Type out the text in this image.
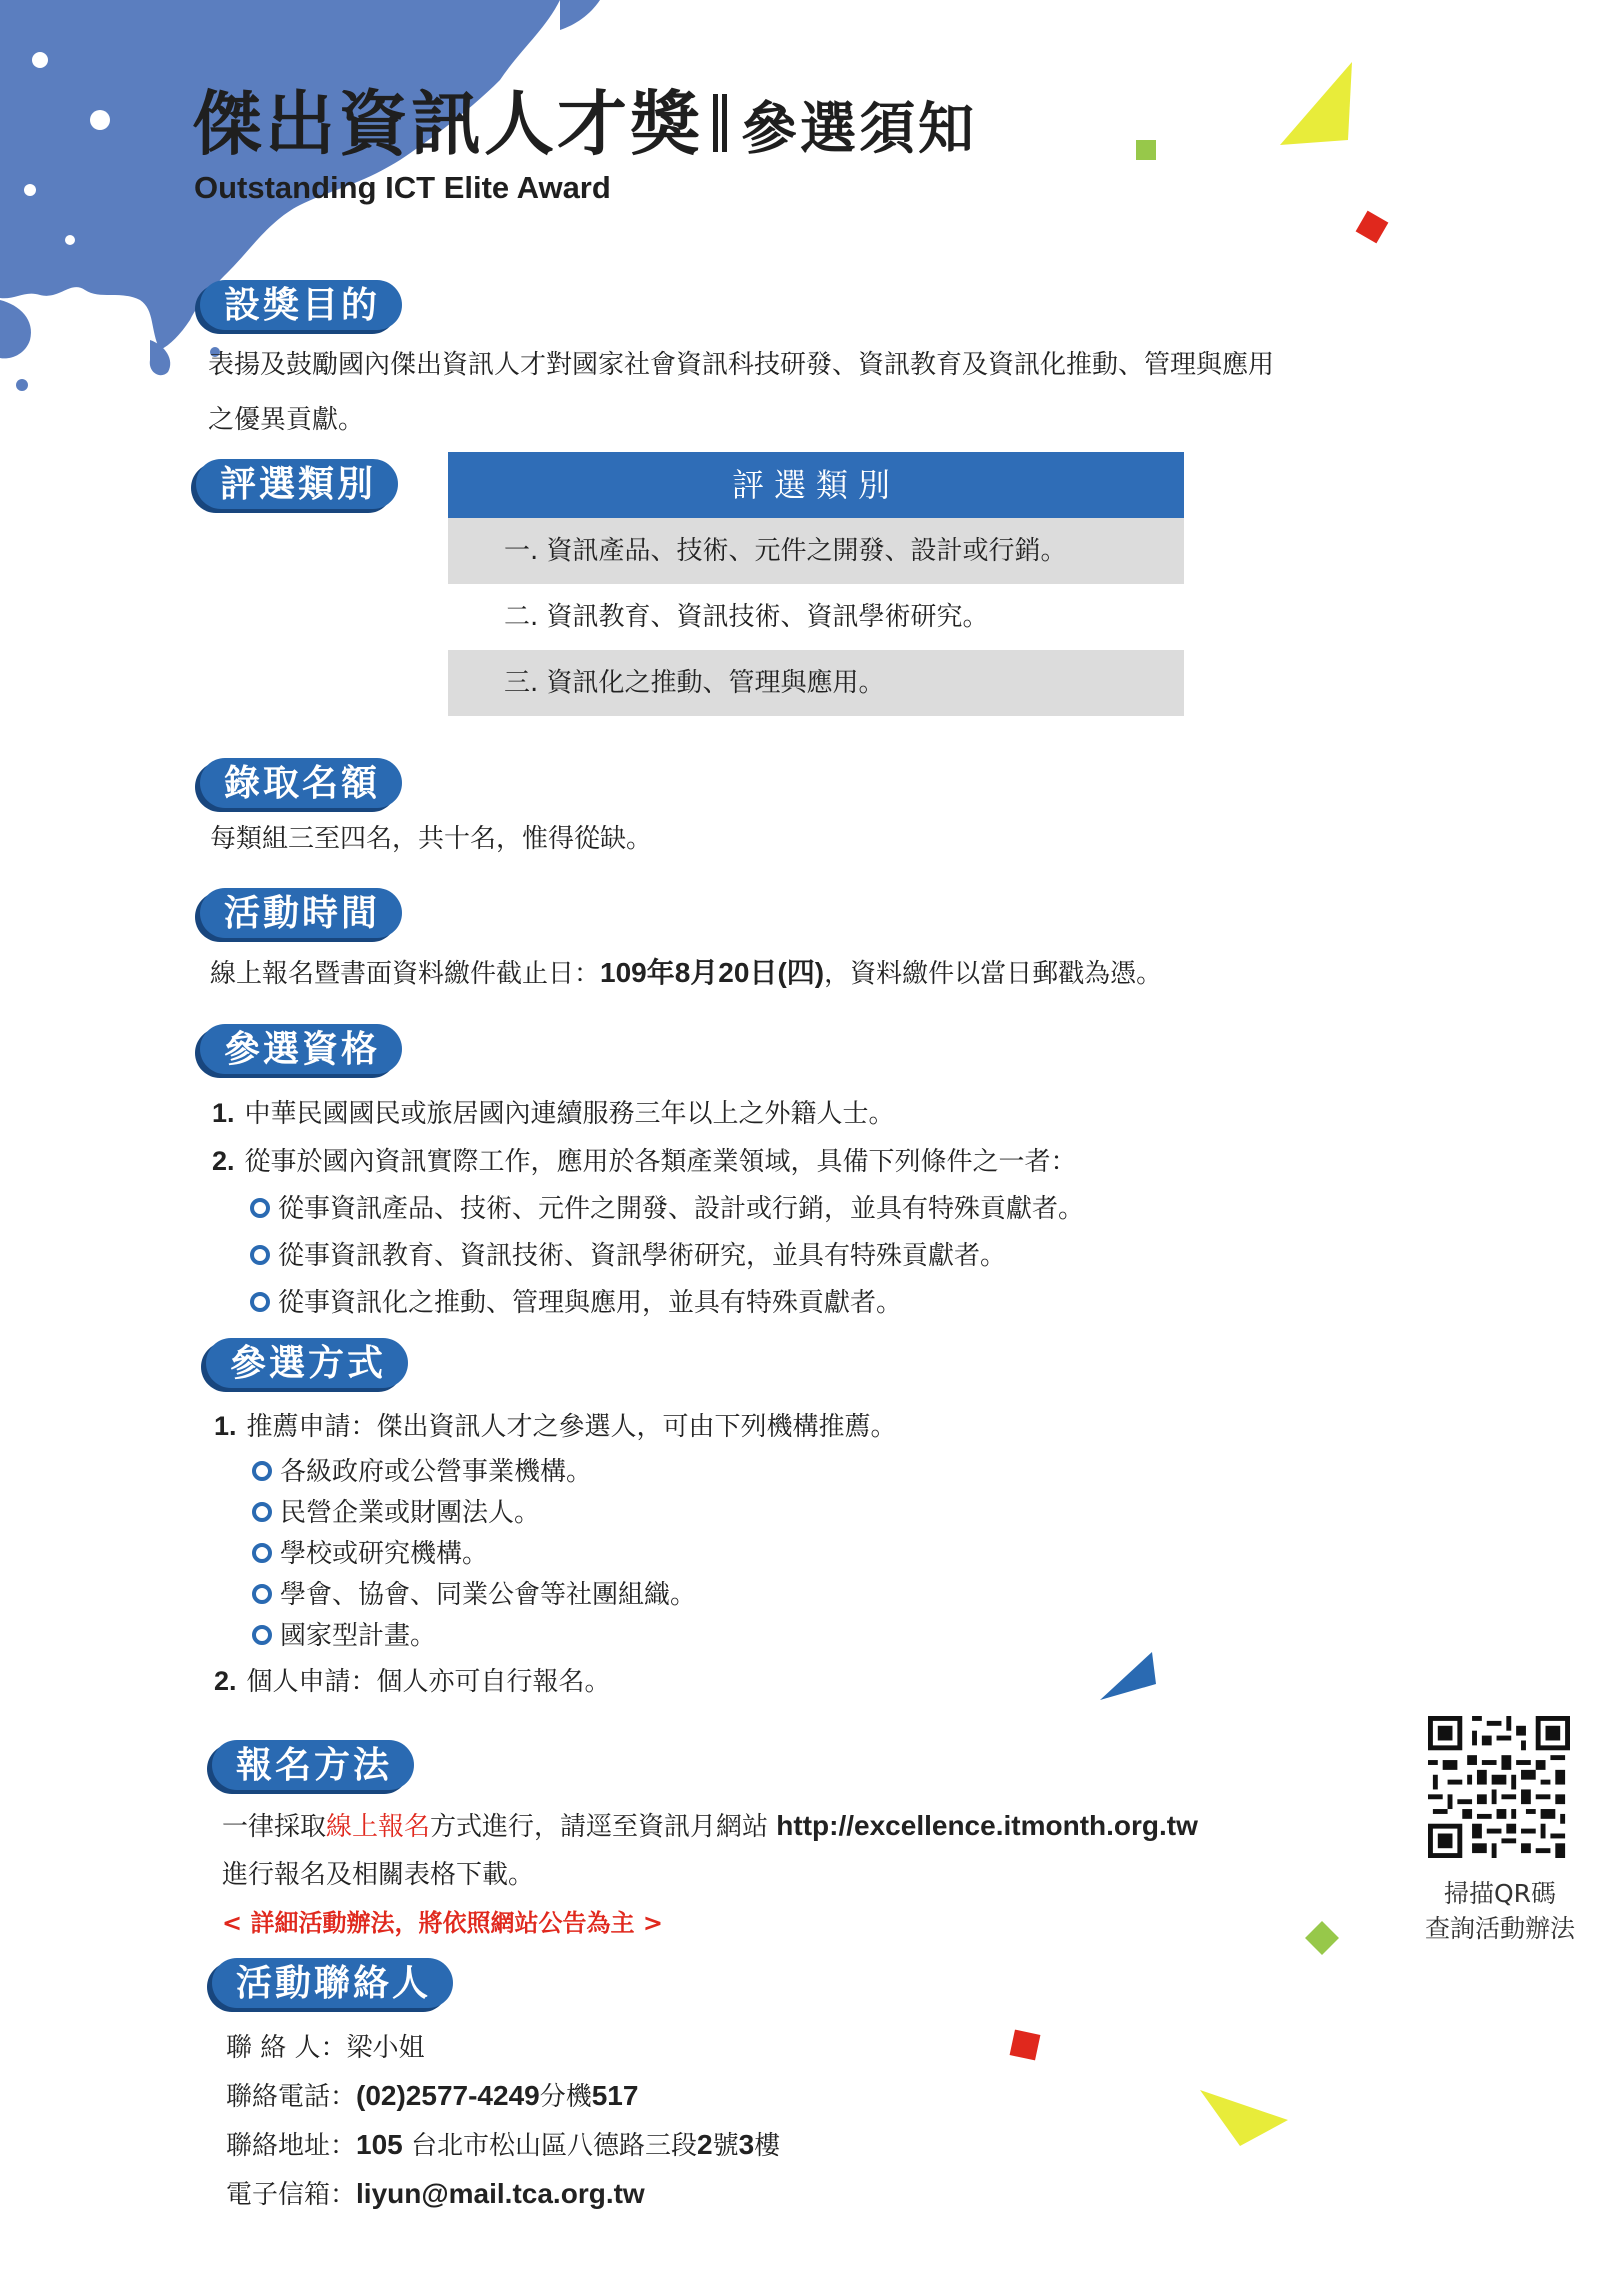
傑出資訊人才獎 參選須知
Outstanding ICT Elite Award
設獎目的
表揚及鼓勵國內傑出資訊人才對國家社會資訊科技研發、資訊教育及資訊化推動、管理與應用
之優異貢獻。
評選類別	評選類別
一. 資訊產品、技術、元件之開發、設計或行銷。
二. 資訊教育、資訊技術、資訊學術研究。
三. 資訊化之推動、管理與應用。
錄取名額
每類組三至四名，共十名，惟得從缺。
活動時間
線上報名暨書面資料繳件截止日：109年8月20日(四)，資料繳件以當日郵戳為憑。
參選資格
1. 中華民國國民或旅居國內連續服務三年以上之外籍人士。
2. 從事於國內資訊實際工作，應用於各類產業領域，具備下列條件之一者：
從事資訊產品、技術、元件之開發、設計或行銷，並具有特殊貢獻者。
從事資訊教育、資訊技術、資訊學術研究，並具有特殊貢獻者。
從事資訊化之推動、管理與應用，並具有特殊貢獻者。
參選方式
1. 推薦申請：傑出資訊人才之參選人，可由下列機構推薦。
各級政府或公營事業機構。
民營企業或財團法人。
學校或研究機構。
學會、協會、同業公會等社團組織。
國家型計畫。
2. 個人申請：個人亦可自行報名。
報名方法
一律採取線上報名方式進行，請逕至資訊月網站 http://excellence.itmonth.org.tw
進行報名及相關表格下載。
< 詳細活動辦法，將依照網站公告為主 >
掃描QR碼
查詢活動辦法
活動聯絡人
聯 絡 人：梁小姐
聯絡電話：(02)2577-4249分機517
聯絡地址：105 台北市松山區八德路三段2號3樓
電子信箱：liyun@mail.tca.org.tw
